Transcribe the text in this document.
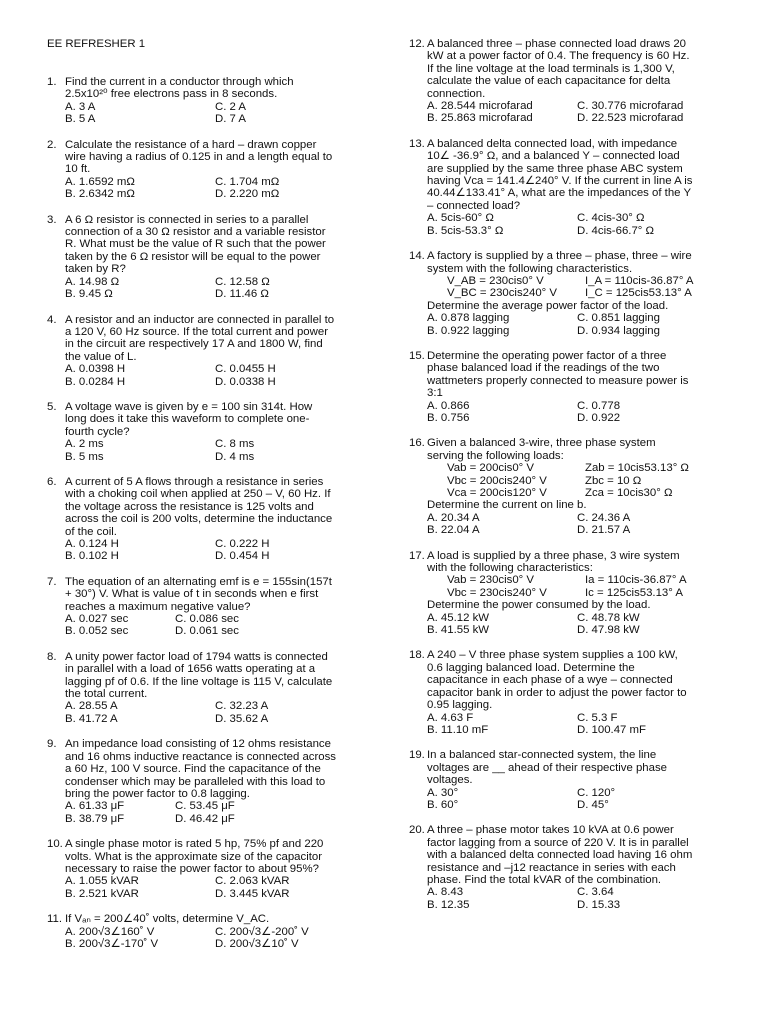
EE REFRESHER 1
1. Find the current in a conductor through which
2.5x10²⁰ free electrons pass in 8 seconds.
A. 3 A	C. 2 A
B. 5 A	D. 7 A
2. Calculate the resistance of a hard – drawn copper
wire having a radius of 0.125 in and a length equal to
10 ft.
A. 1.6592 mΩ	C. 1.704 mΩ
B. 2.6342 mΩ	D. 2.220 mΩ
3. A 6 Ω resistor is connected in series to a parallel
connection of a 30 Ω resistor and a variable resistor
R. What must be the value of R such that the power
taken by the 6 Ω resistor will be equal to the power
taken by R?
A. 14.98 Ω	C. 12.58 Ω
B. 9.45 Ω	D. 11.46 Ω
4. A resistor and an inductor are connected in parallel to
a 120 V, 60 Hz source. If the total current and power
in the circuit are respectively 17 A and 1800 W, find
the value of L.
A. 0.0398 H	C. 0.0455 H
B. 0.0284 H	D. 0.0338 H
5. A voltage wave is given by e = 100 sin 314t. How
long does it take this waveform to complete one-
fourth cycle?
A. 2 ms	C. 8 ms
B. 5 ms	D. 4 ms
6. A current of 5 A flows through a resistance in series
with a choking coil when applied at 250 – V, 60 Hz. If
the voltage across the resistance is 125 volts and
across the coil is 200 volts, determine the inductance
of the coil.
A. 0.124 H	C. 0.222 H
B. 0.102 H	D. 0.454 H
7. The equation of an alternating emf is e = 155sin(157t
+ 30°) V. What is value of t in seconds when e first
reaches a maximum negative value?
A. 0.027 sec	C. 0.086 sec
B. 0.052 sec	D. 0.061 sec
8. A unity power factor load of 1794 watts is connected
in parallel with a load of 1656 watts operating at a
lagging pf of 0.6. If the line voltage is 115 V, calculate
the total current.
A. 28.55 A	C. 32.23 A
B. 41.72 A	D. 35.62 A
9. An impedance load consisting of 12 ohms resistance
and 16 ohms inductive reactance is connected across
a 60 Hz, 100 V source. Find the capacitance of the
condenser which may be paralleled with this load to
bring the power factor to 0.8 lagging.
A. 61.33 μF	C. 53.45 μF
B. 38.79 μF	D. 46.42 μF
10. A single phase motor is rated 5 hp, 75% pf and 220
volts. What is the approximate size of the capacitor
necessary to raise the power factor to about 95%?
A. 1.055 kVAR	C. 2.063 kVAR
B. 2.521 kVAR	D. 3.445 kVAR
11. If Vₐₙ = 200∠40˚ volts, determine V_AC.
A. 200√3∠160˚ V	C. 200√3∠-200˚ V
B. 200√3∠-170˚ V	D. 200√3∠10˚ V
12. A balanced three – phase connected load draws 20
kW at a power factor of 0.4. The frequency is 60 Hz.
If the line voltage at the load terminals is 1,300 V,
calculate the value of each capacitance for delta
connection.
A. 28.544 microfarad	C. 30.776 microfarad
B. 25.863 microfarad	D. 22.523 microfarad
13. A balanced delta connected load, with impedance
10∠ -36.9° Ω, and a balanced Y – connected load
are supplied by the same three phase ABC system
having Vca = 141.4∠240° V. If the current in line A is
40.44∠133.41° A, what are the impedances of the Y
– connected load?
A. 5cis-60° Ω	C. 4cis-30° Ω
B. 5cis-53.3° Ω	D. 4cis-66.7° Ω
14. A factory is supplied by a three – phase, three – wire
system with the following characteristics.
V_AB = 230cis0° V	I_A = 110cis-36.87° A
V_BC = 230cis240° V	I_C = 125cis53.13° A
Determine the average power factor of the load.
A. 0.878 lagging	C. 0.851 lagging
B. 0.922 lagging	D. 0.934 lagging
15. Determine the operating power factor of a three
phase balanced load if the readings of the two
wattmeters properly connected to measure power is
3:1
A. 0.866	C. 0.778
B. 0.756	D. 0.922
16. Given a balanced 3-wire, three phase system
serving the following loads:
Vab = 200cis0° V	Zab = 10cis53.13° Ω
Vbc = 200cis240° V	Zbc = 10 Ω
Vca = 200cis120° V	Zca = 10cis30° Ω
Determine the current on line b.
A. 20.34 A	C. 24.36 A
B. 22.04 A	D. 21.57 A
17. A load is supplied by a three phase, 3 wire system
with the following characteristics:
Vab = 230cis0° V	Ia = 110cis-36.87° A
Vbc = 230cis240° V	Ic = 125cis53.13° A
Determine the power consumed by the load.
A. 45.12 kW	C. 48.78 kW
B. 41.55 kW	D. 47.98 kW
18. A 240 – V three phase system supplies a 100 kW,
0.6 lagging balanced load. Determine the
capacitance in each phase of a wye – connected
capacitor bank in order to adjust the power factor to
0.95 lagging.
A. 4.63 F	C. 5.3 F
B. 11.10 mF	D. 100.47 mF
19. In a balanced star-connected system, the line
voltages are __ ahead of their respective phase
voltages.
A. 30°	C. 120°
B. 60°	D. 45°
20. A three – phase motor takes 10 kVA at 0.6 power
factor lagging from a source of 220 V. It is in parallel
with a balanced delta connected load having 16 ohm
resistance and –j12 reactance in series with each
phase. Find the total kVAR of the combination.
A. 8.43	C. 3.64
B. 12.35	D. 15.33
